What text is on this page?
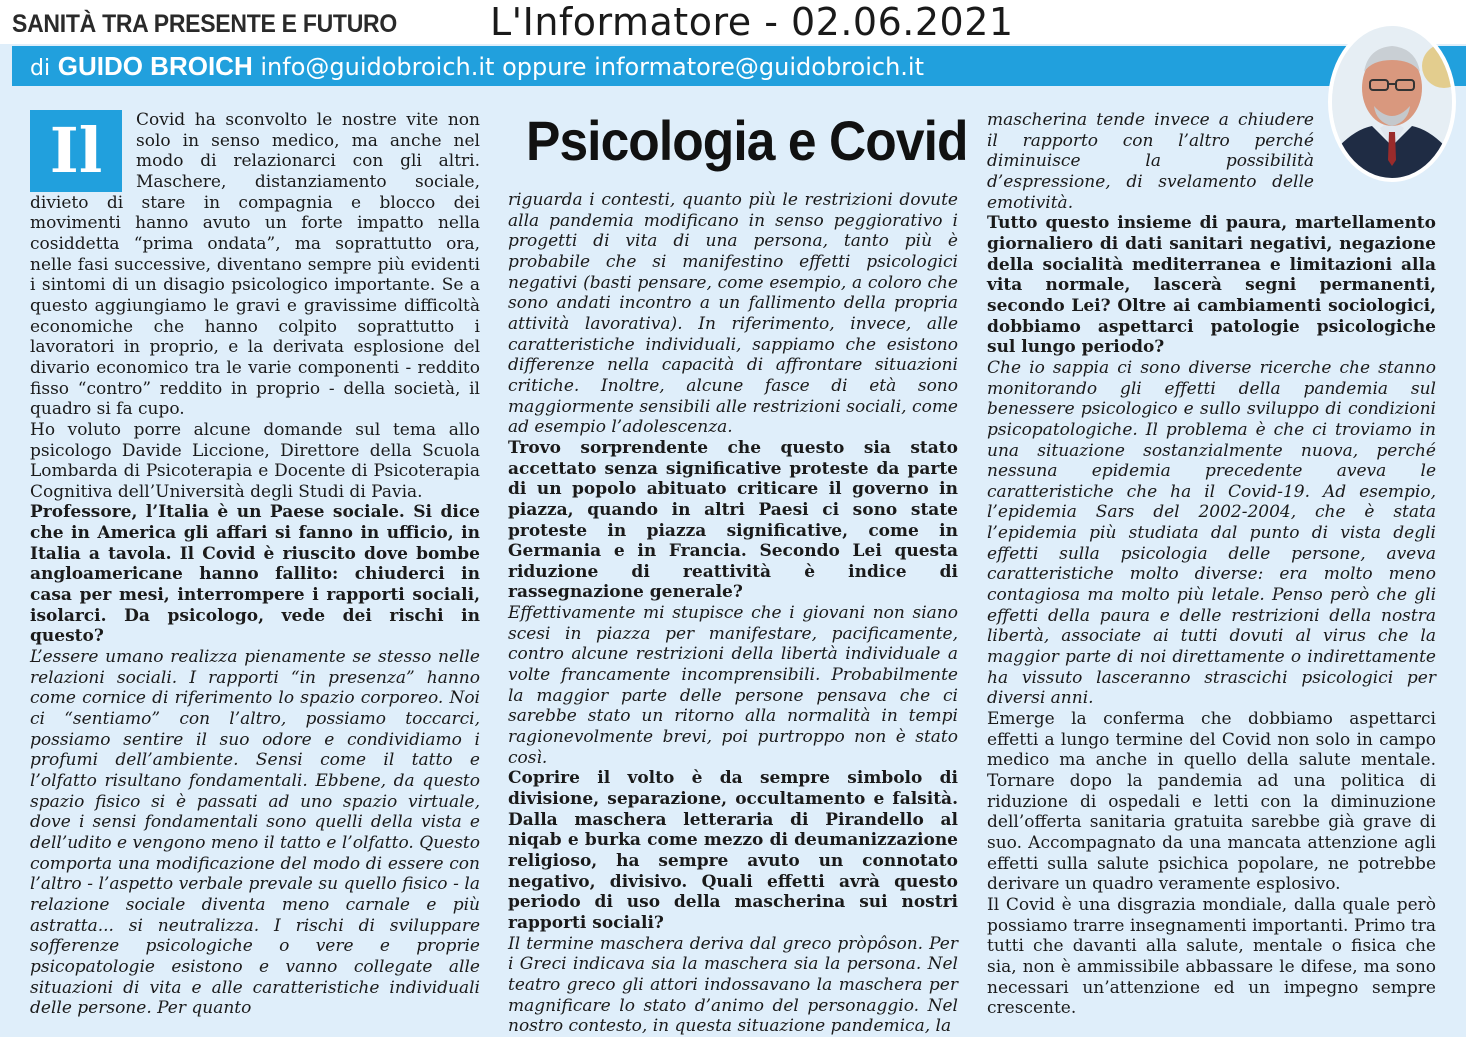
SANITÀ TRA PRESENTE E FUTURO L'Informatore - 02.06.2021
di GUIDO BROICH info@guidobroich.it oppure informatore@guidobroich.it
Psicologia e Covid
Il	Covid ha sconvolto le nostre vite non solo in senso medico, ma anche nel modo di relazionarci con gli altri. Maschere, distanziamento sociale, divieto di stare in compagnia e blocco dei movimenti hanno avuto un forte impatto nella cosiddetta “prima ondata”, ma soprattutto ora, nelle fasi successive, diventano sempre più evidenti i sintomi di un disagio psicologico importante. Se a questo aggiungiamo le gravi e gravissime difficoltà economiche che hanno colpito soprattutto i lavoratori in proprio, e la derivata esplosione del divario economico tra le varie componenti - reddito fisso “contro” reddito in proprio - della società, il quadro si fa cupo.

Ho voluto porre alcune domande sul tema allo psicologo Davide Liccione, Direttore della Scuola Lombarda di Psicoterapia e Docente di Psicoterapia Cognitiva dell’Università degli Studi di Pavia.

Professore, l’Italia è un Paese sociale. Si dice che in America gli affari si fanno in ufficio, in Italia a tavola. Il Covid è riuscito dove bombe angloamericane hanno fallito: chiuderci in casa per mesi, interrompere i rapporti sociali, isolarci. Da psicologo, vede dei rischi in questo?

L’essere umano realizza pienamente se stesso nelle relazioni sociali. I rapporti “in presenza” hanno come cornice di riferimento lo spazio corporeo. Noi ci “sentiamo” con l’altro, possiamo toccarci, possiamo sentire il suo odore e condividiamo i profumi dell’ambiente. Sensi come il tatto e l’olfatto risultano fondamentali. Ebbene, da questo spazio fisico si è passati ad uno spazio virtuale, dove i sensi fondamentali sono quelli della vista e dell’udito e vengono meno il tatto e l’olfatto. Questo comporta una modificazione del modo di essere con l’altro - l’aspetto verbale prevale su quello fisico - la relazione sociale diventa meno carnale e più astratta... si neutralizza. I rischi di sviluppare sofferenze psicologiche o vere e proprie psicopatologie esistono e vanno collegate alle situazioni di vita e alle caratteristiche individuali delle persone. Per quanto

riguarda i contesti, quanto più le restrizioni dovute alla pandemia modificano in senso peggiorativo i progetti di vita di una persona, tanto più è probabile che si manifestino effetti psicologici negativi (basti pensare, come esempio, a coloro che sono andati incontro a un fallimento della propria attività lavorativa). In riferimento, invece, alle caratteristiche individuali, sappiamo che esistono differenze nella capacità di affrontare situazioni critiche. Inoltre, alcune fasce di età sono maggiormente sensibili alle restrizioni sociali, come ad esempio l’adolescenza.

Trovo sorprendente che questo sia stato accettato senza significative proteste da parte di un popolo abituato criticare il governo in piazza, quando in altri Paesi ci sono state proteste in piazza significative, come in Germania e in Francia. Secondo Lei questa riduzione di reattività è indice di rassegnazione generale?

Effettivamente mi stupisce che i giovani non siano scesi in piazza per manifestare, pacificamente, contro alcune restrizioni della libertà individuale a volte francamente incomprensibili. Probabilmente la maggior parte delle persone pensava che ci sarebbe stato un ritorno alla normalità in tempi ragionevolmente brevi, poi purtroppo non è stato così.

Coprire il volto è da sempre simbolo di divisione, separazione, occultamento e falsità. Dalla maschera letteraria di Pirandello al niqab e burka come mezzo di deumanizzazione religioso, ha sempre avuto un connotato negativo, divisivo. Quali effetti avrà questo periodo di uso della mascherina sui nostri rapporti sociali?

Il termine maschera deriva dal greco pròpôson. Per i Greci indicava sia la maschera sia la persona. Nel teatro greco gli attori indossavano la maschera per magnificare lo stato d’animo del personaggio. Nel nostro contesto, in questa situazione pandemica, la

mascherina tende invece a chiudere il rapporto con l’altro perché diminuisce la possibilità d’espressione, di svelamento delle emotività.

Tutto questo insieme di paura, martellamento giornaliero di dati sanitari negativi, negazione della socialità mediterranea e limitazioni alla vita normale, lascerà segni permanenti, secondo Lei? Oltre ai cambiamenti sociologici, dobbiamo aspettarci patologie psicologiche sul lungo periodo?

Che io sappia ci sono diverse ricerche che stanno monitorando gli effetti della pandemia sul benessere psicologico e sullo sviluppo di condizioni psicopatologiche. Il problema è che ci troviamo in una situazione sostanzialmente nuova, perché nessuna epidemia precedente aveva le caratteristiche che ha il Covid-19. Ad esempio, l’epidemia Sars del 2002-2004, che è stata l’epidemia più studiata dal punto di vista degli effetti sulla psicologia delle persone, aveva caratteristiche molto diverse: era molto meno contagiosa ma molto più letale. Penso però che gli effetti della paura e delle restrizioni della nostra libertà, associate ai tutti dovuti al virus che la maggior parte di noi direttamente o indirettamente ha vissuto lasceranno strascichi psicologici per diversi anni.

Emerge la conferma che dobbiamo aspettarci effetti a lungo termine del Covid non solo in campo medico ma anche in quello della salute mentale. Tornare dopo la pandemia ad una politica di riduzione di ospedali e letti con la diminuzione dell’offerta sanitaria gratuita sarebbe già grave di suo. Accompagnato da una mancata attenzione agli effetti sulla salute psichica popolare, ne potrebbe derivare un quadro veramente esplosivo.

Il Covid è una disgrazia mondiale, dalla quale però possiamo trarre insegnamenti importanti. Primo tra tutti che davanti alla salute, mentale o fisica che sia, non è ammissibile abbassare le difese, ma sono necessari un’attenzione ed un impegno sempre crescente.
